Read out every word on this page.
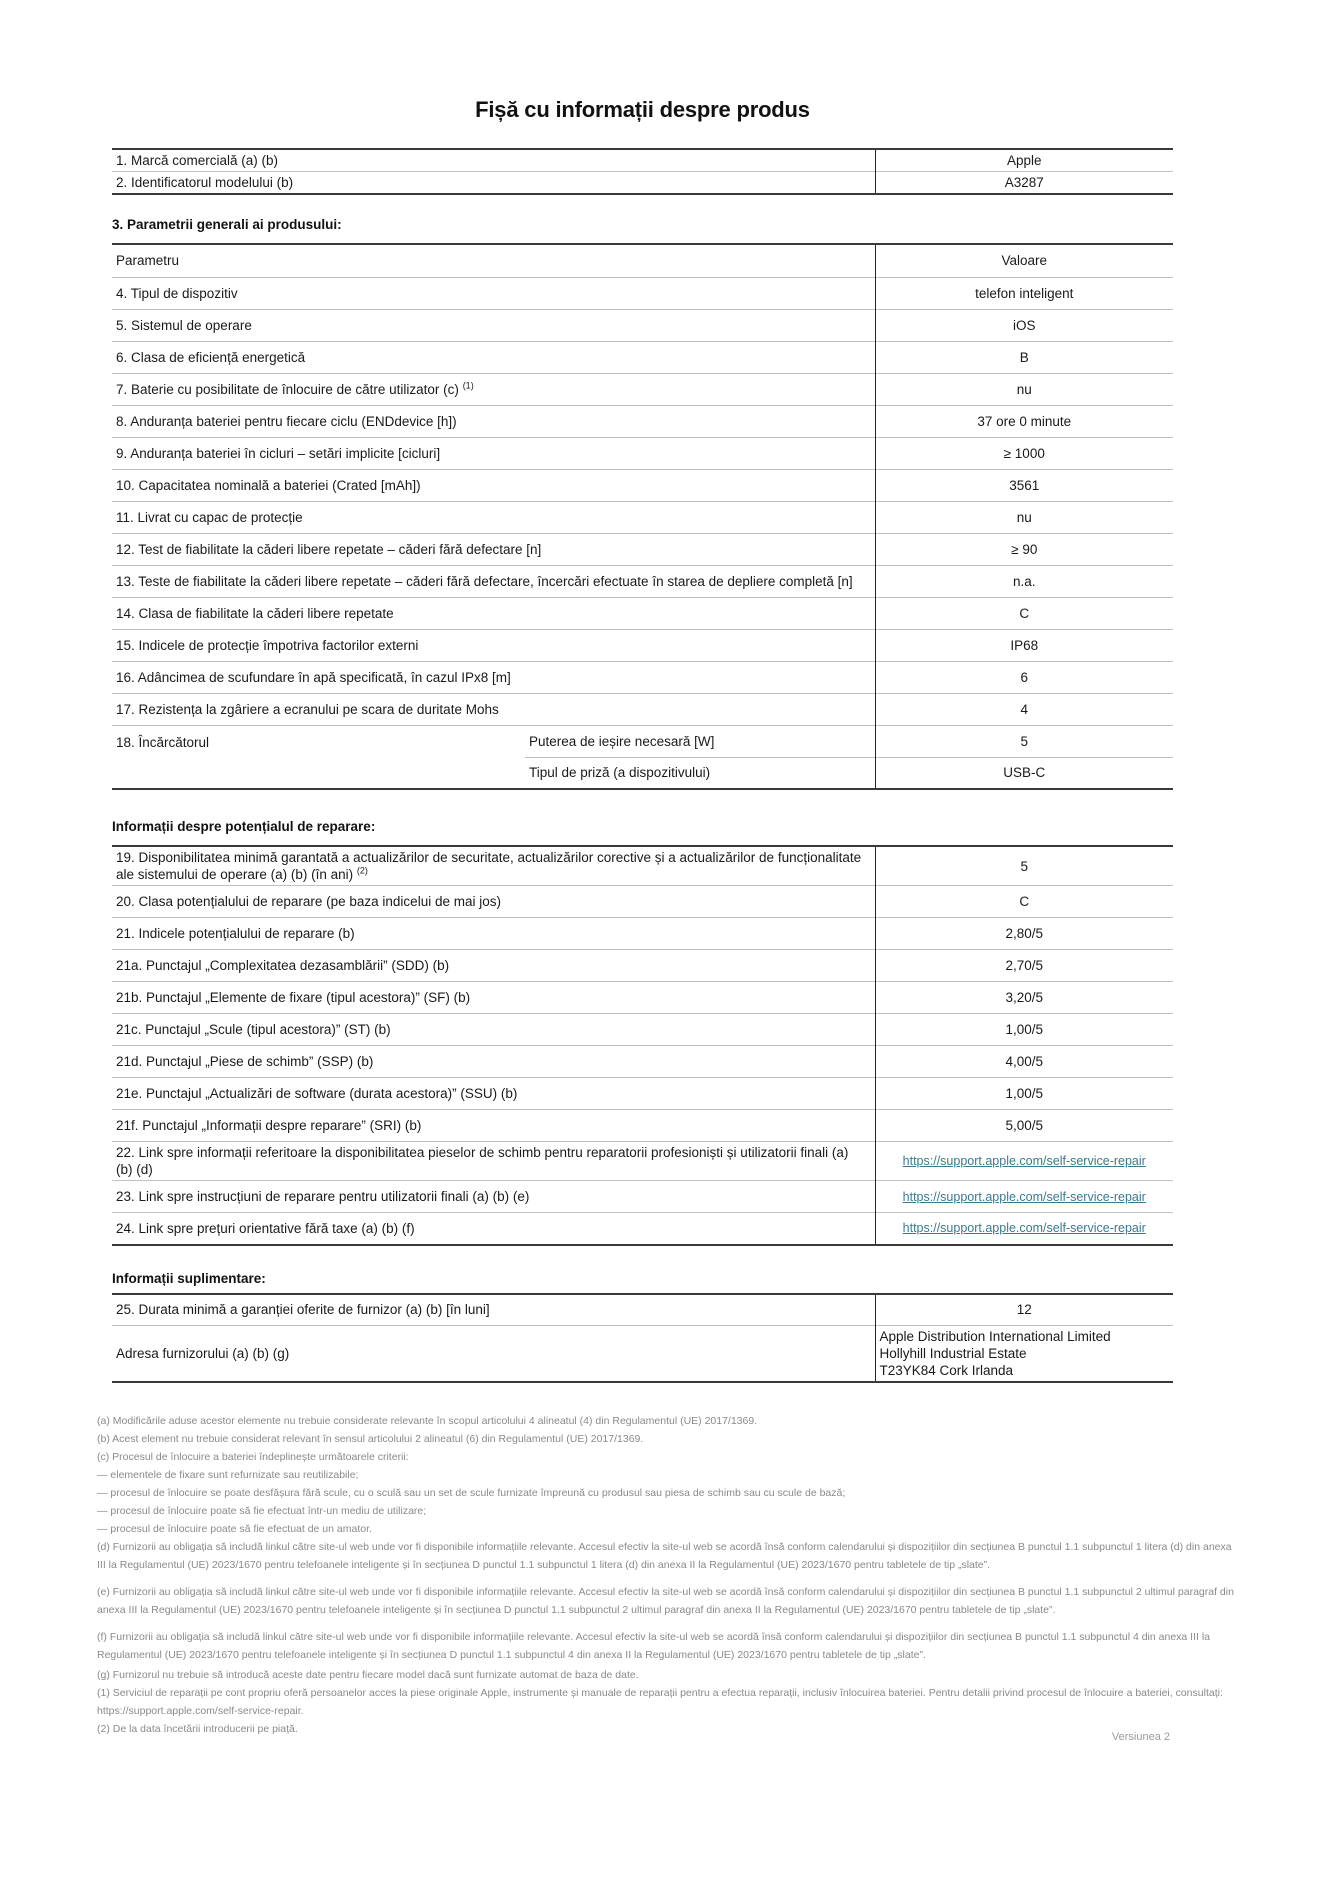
Fișă cu informații despre produs
1. Marcă comercială (a) (b)	Apple
2. Identificatorul modelului (b)	A3287

3. Parametrii generali ai produsului:

Parametru		Valoare
4. Tipul de dispozitiv		telefon inteligent
5. Sistemul de operare		iOS
6. Clasa de eficiență energetică		B
7. Baterie cu posibilitate de înlocuire de către utilizator (c) $^{(1)}$		nu
8. Anduranța bateriei pentru fiecare ciclu (ENDdevice [h])		37 ore 0 minute
9. Anduranța bateriei în cicluri – setări implicite [cicluri]		≥ 1000
10. Capacitatea nominală a bateriei (Crated [mAh])		3561
11. Livrat cu capac de protecție		nu
12. Test de fiabilitate la căderi libere repetate – căderi fără defectare [n]		≥ 90
13. Teste de fiabilitate la căderi libere repetate – căderi fără defectare, încercări efectuate în starea de depliere completă [n]		n.a.
14. Clasa de fiabilitate la căderi libere repetate		C
15. Indicele de protecție împotriva factorilor externi		IP68
16. Adâncimea de scufundare în apă specificată, în cazul IPx8 [m]		6
17. Rezistența la zgâriere a ecranului pe scara de duritate Mohs		4
18. Încărcătorul	Puterea de ieșire necesară [W]	5
	Tipul de priză (a dispozitivului)	USB-C

Informații despre potențialul de reparare:

19. Disponibilitatea minimă garantată a actualizărilor de securitate, actualizărilor corective și a actualizărilor de funcționalitate ale sistemului de operare (a) (b) (în ani) $^{(2)}$	5
20. Clasa potențialului de reparare (pe baza indicelui de mai jos)	C
21. Indicele potențialului de reparare (b)	2,80/5
21a. Punctajul „Complexitatea dezasamblării” (SDD) (b)	2,70/5
21b. Punctajul „Elemente de fixare (tipul acestora)” (SF) (b)	3,20/5
21c. Punctajul „Scule (tipul acestora)” (ST) (b)	1,00/5
21d. Punctajul „Piese de schimb” (SSP) (b)	4,00/5
21e. Punctajul „Actualizări de software (durata acestora)” (SSU) (b)	1,00/5
21f. Punctajul „Informații despre reparare” (SRI) (b)	5,00/5
22. Link spre informații referitoare la disponibilitatea pieselor de schimb pentru reparatorii profesioniști și utilizatorii finali (a) (b) (d)	https://support.apple.com/self-service-repair
23. Link spre instrucțiuni de reparare pentru utilizatorii finali (a) (b) (e)	https://support.apple.com/self-service-repair
24. Link spre prețuri orientative fără taxe (a) (b) (f)	https://support.apple.com/self-service-repair

Informații suplimentare:

25. Durata minimă a garanției oferite de furnizor (a) (b) [în luni]	12
Adresa furnizorului (a) (b) (g)	Apple Distribution International Limited
Hollyhill Industrial Estate
T23YK84 Cork Irlanda

(a) Modificările aduse acestor elemente nu trebuie considerate relevante în scopul articolului 4 alineatul (4) din Regulamentul (UE) 2017/1369.

(b) Acest element nu trebuie considerat relevant în sensul articolului 2 alineatul (6) din Regulamentul (UE) 2017/1369.

(c) Procesul de înlocuire a bateriei îndeplinește următoarele criterii:

— elementele de fixare sunt refurnizate sau reutilizabile;

— procesul de înlocuire se poate desfășura fără scule, cu o sculă sau un set de scule furnizate împreună cu produsul sau piesa de schimb sau cu scule de bază;

— procesul de înlocuire poate să fie efectuat într-un mediu de utilizare;

— procesul de înlocuire poate să fie efectuat de un amator.

(d) Furnizorii au obligația să includă linkul către site-ul web unde vor fi disponibile informațiile relevante. Accesul efectiv la site-ul web se acordă însă conform calendarului și dispozițiilor din secțiunea B punctul 1.1 subpunctul 1 litera (d) din anexa III la Regulamentul (UE) 2023/1670 pentru telefoanele inteligente și în secțiunea D punctul 1.1 subpunctul 1 litera (d) din anexa II la Regulamentul (UE) 2023/1670 pentru tabletele de tip „slate”.

(e) Furnizorii au obligația să includă linkul către site-ul web unde vor fi disponibile informațiile relevante. Accesul efectiv la site-ul web se acordă însă conform calendarului și dispozițiilor din secțiunea B punctul 1.1 subpunctul 2 ultimul paragraf din anexa III la Regulamentul (UE) 2023/1670 pentru telefoanele inteligente și în secțiunea D punctul 1.1 subpunctul 2 ultimul paragraf din anexa II la Regulamentul (UE) 2023/1670 pentru tabletele de tip „slate”.

(f) Furnizorii au obligația să includă linkul către site-ul web unde vor fi disponibile informațiile relevante. Accesul efectiv la site-ul web se acordă însă conform calendarului și dispozițiilor din secțiunea B punctul 1.1 subpunctul 4 din anexa III la Regulamentul (UE) 2023/1670 pentru telefoanele inteligente și în secțiunea D punctul 1.1 subpunctul 4 din anexa II la Regulamentul (UE) 2023/1670 pentru tabletele de tip „slate”.

(g) Furnizorul nu trebuie să introducă aceste date pentru fiecare model dacă sunt furnizate automat de baza de date.

(1) Serviciul de reparații pe cont propriu oferă persoanelor acces la piese originale Apple, instrumente și manuale de reparații pentru a efectua reparații, inclusiv înlocuirea bateriei. Pentru detalii privind procesul de înlocuire a bateriei, consultați: https://support.apple.com/self-service-repair.

(2) De la data încetării introducerii pe piață.

Versiunea 2
